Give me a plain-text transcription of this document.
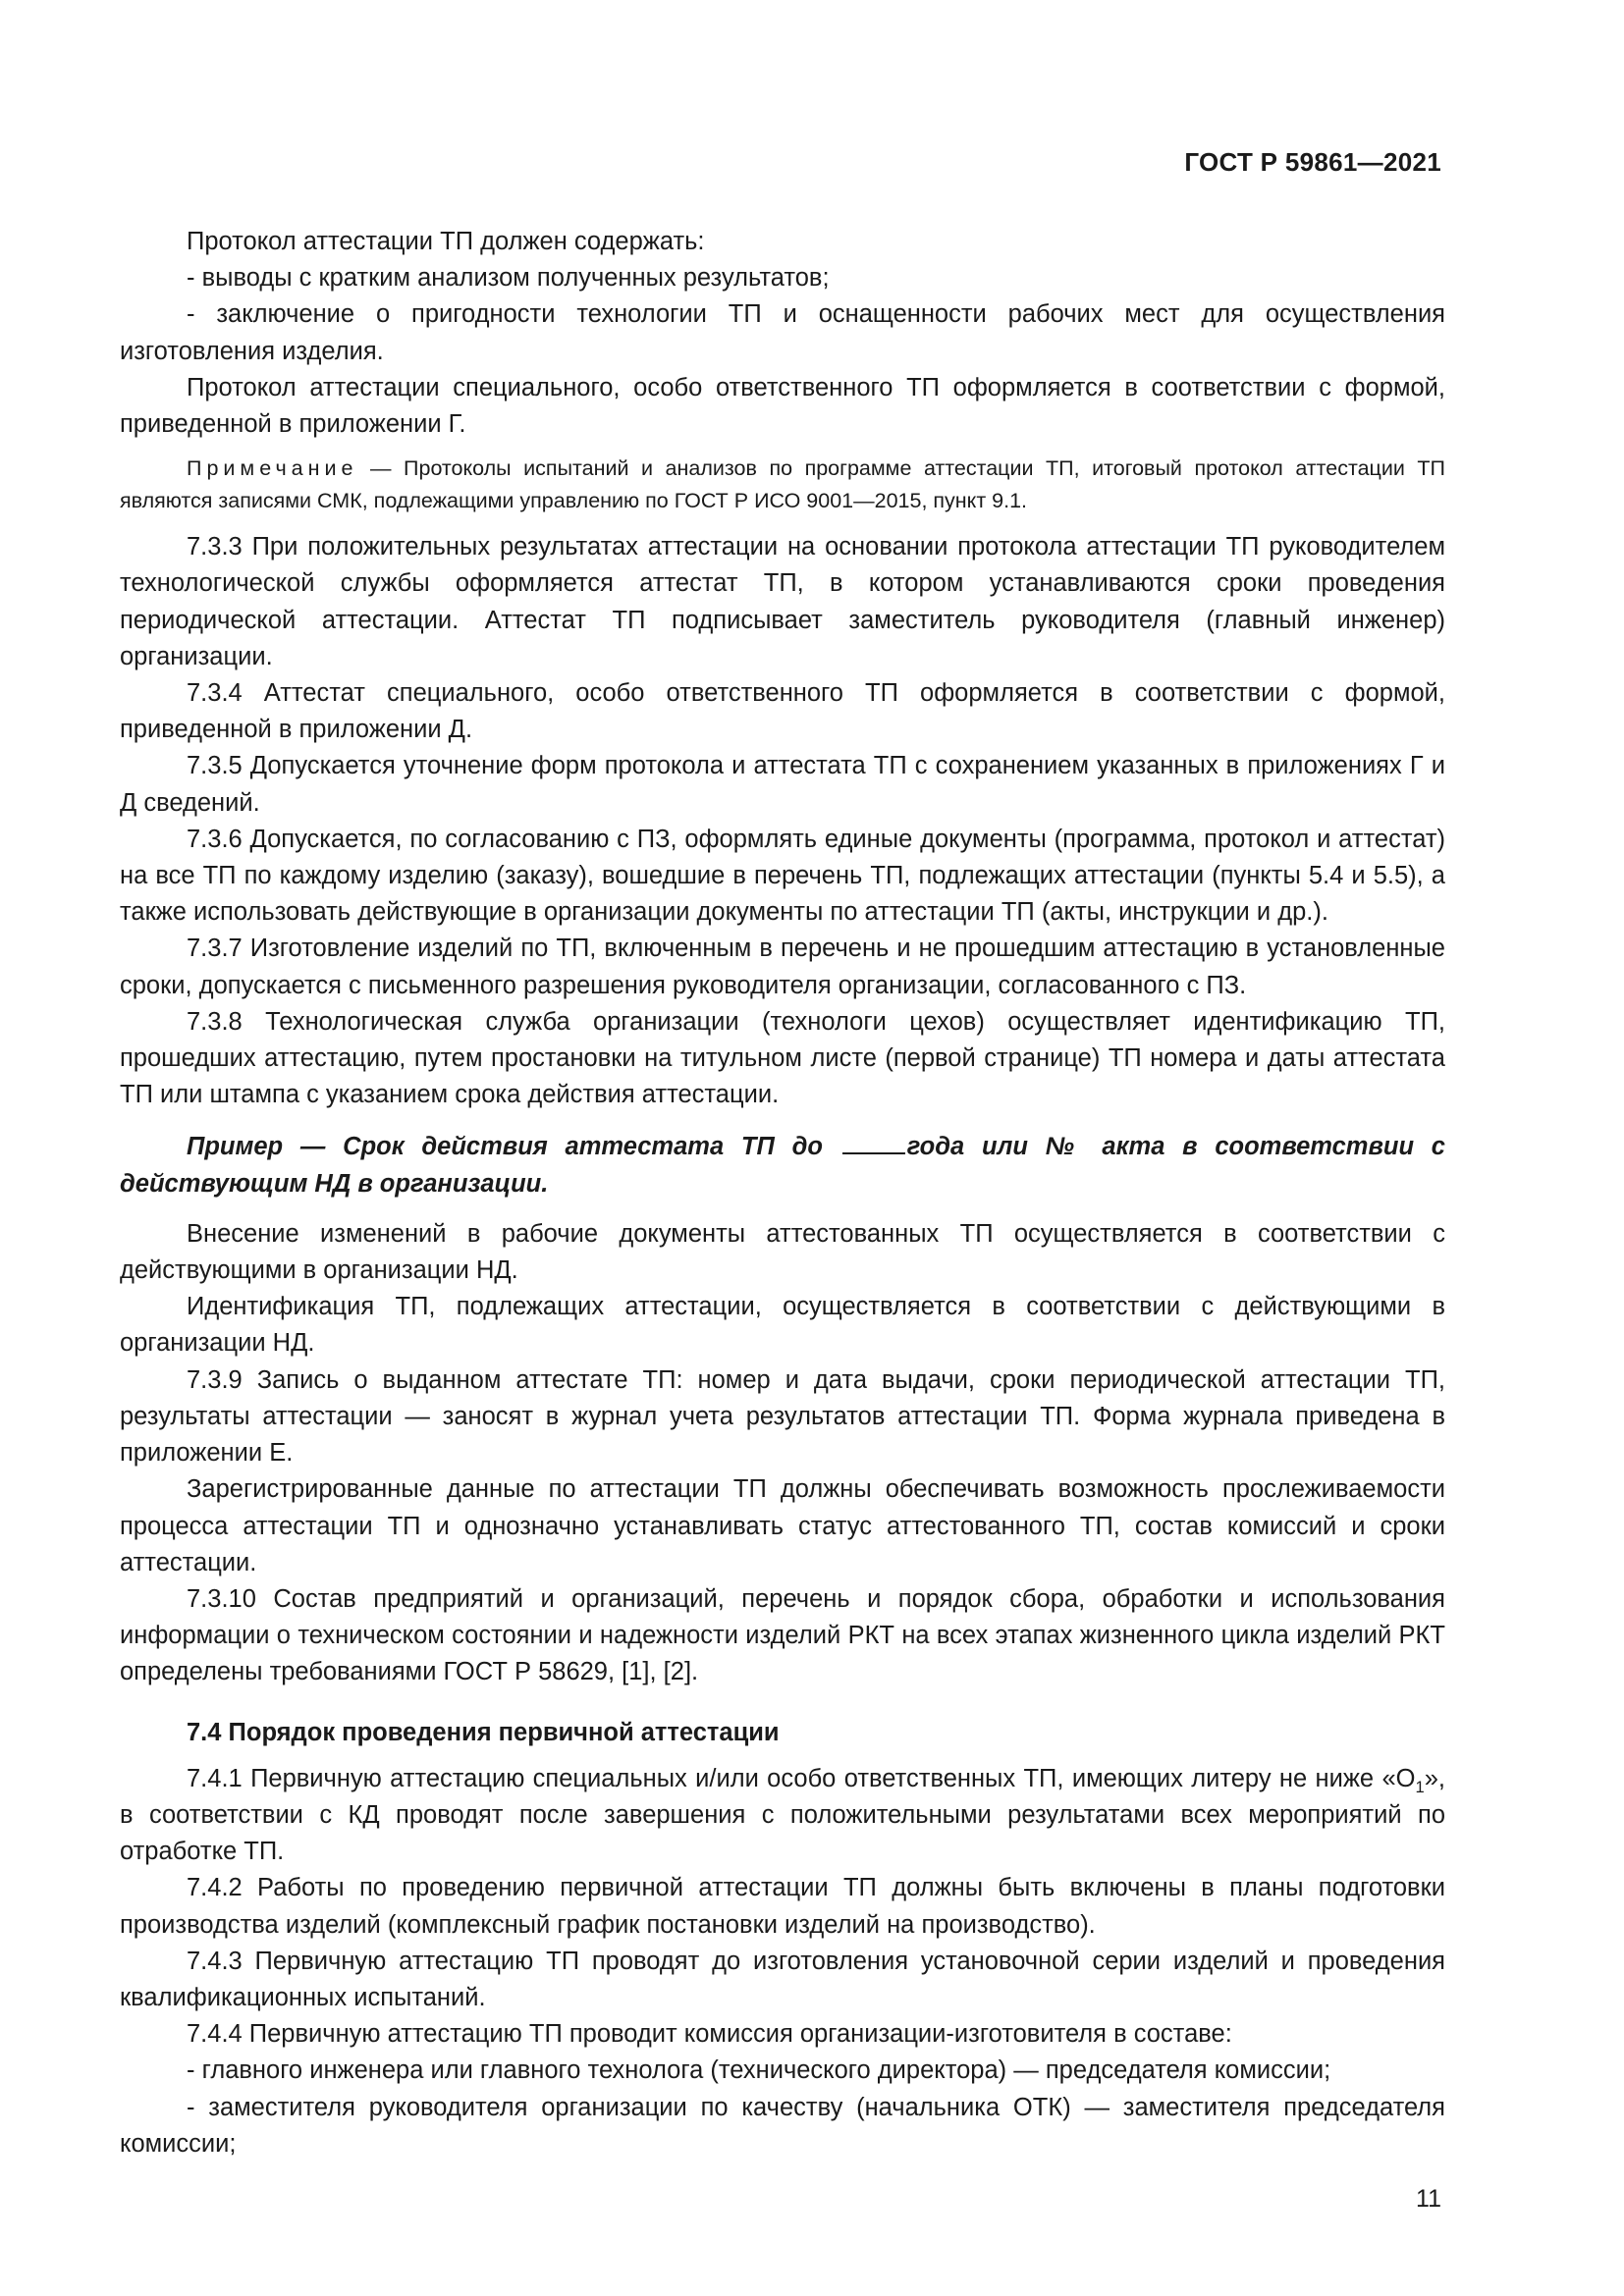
ГОСТ Р 59861—2021

Протокол аттестации ТП должен содержать:

- выводы с кратким анализом полученных результатов;

- заключение о пригодности технологии ТП и оснащенности рабочих мест для осуществления изготовления изделия.

Протокол аттестации специального, особо ответственного ТП оформляется в соответствии с формой, приведенной в приложении Г.

Примечание — Протоколы испытаний и анализов по программе аттестации ТП, итоговый протокол аттестации ТП являются записями СМК, подлежащими управлению по ГОСТ Р ИСО 9001—2015, пункт 9.1.

7.3.3 При положительных результатах аттестации на основании протокола аттестации ТП руководителем технологической службы оформляется аттестат ТП, в котором устанавливаются сроки проведения периодической аттестации. Аттестат ТП подписывает заместитель руководителя (главный инженер) организации.

7.3.4 Аттестат специального, особо ответственного ТП оформляется в соответствии с формой, приведенной в приложении Д.

7.3.5 Допускается уточнение форм протокола и аттестата ТП с сохранением указанных в приложениях Г и Д сведений.

7.3.6 Допускается, по согласованию с ПЗ, оформлять единые документы (программа, протокол и аттестат) на все ТП по каждому изделию (заказу), вошедшие в перечень ТП, подлежащих аттестации (пункты 5.4 и 5.5), а также использовать действующие в организации документы по аттестации ТП (акты, инструкции и др.).

7.3.7 Изготовление изделий по ТП, включенным в перечень и не прошедшим аттестацию в установленные сроки, допускается с письменного разрешения руководителя организации, согласованного с ПЗ.

7.3.8 Технологическая служба организации (технологи цехов) осуществляет идентификацию ТП, прошедших аттестацию, путем простановки на титульном листе (первой странице) ТП номера и даты аттестата ТП или штампа с указанием срока действия аттестации.

Пример — Срок действия аттестата ТП до	года или № акта в соответствии с действующим НД в организации.

Внесение изменений в рабочие документы аттестованных ТП осуществляется в соответствии с действующими в организации НД.

Идентификация ТП, подлежащих аттестации, осуществляется в соответствии с действующими в организации НД.

7.3.9 Запись о выданном аттестате ТП: номер и дата выдачи, сроки периодической аттестации ТП, результаты аттестации — заносят в журнал учета результатов аттестации ТП. Форма журнала приведена в приложении Е.

Зарегистрированные данные по аттестации ТП должны обеспечивать возможность прослеживаемости процесса аттестации ТП и однозначно устанавливать статус аттестованного ТП, состав комиссий и сроки аттестации.

7.3.10 Состав предприятий и организаций, перечень и порядок сбора, обработки и использования информации о техническом состоянии и надежности изделий РКТ на всех этапах жизненного цикла изделий РКТ определены требованиями ГОСТ Р 58629, [1], [2].

7.4 Порядок проведения первичной аттестации

7.4.1 Первичную аттестацию специальных и/или особо ответственных ТП, имеющих литеру не ниже «$О_1$», в соответствии с КД проводят после завершения с положительными результатами всех мероприятий по отработке ТП.

7.4.2 Работы по проведению первичной аттестации ТП должны быть включены в планы подготовки производства изделий (комплексный график постановки изделий на производство).

7.4.3 Первичную аттестацию ТП проводят до изготовления установочной серии изделий и проведения квалификационных испытаний.

7.4.4 Первичную аттестацию ТП проводит комиссия организации-изготовителя в составе:

- главного инженера или главного технолога (технического директора) — председателя комиссии;

- заместителя руководителя организации по качеству (начальника ОТК) — заместителя председателя комиссии;

11
